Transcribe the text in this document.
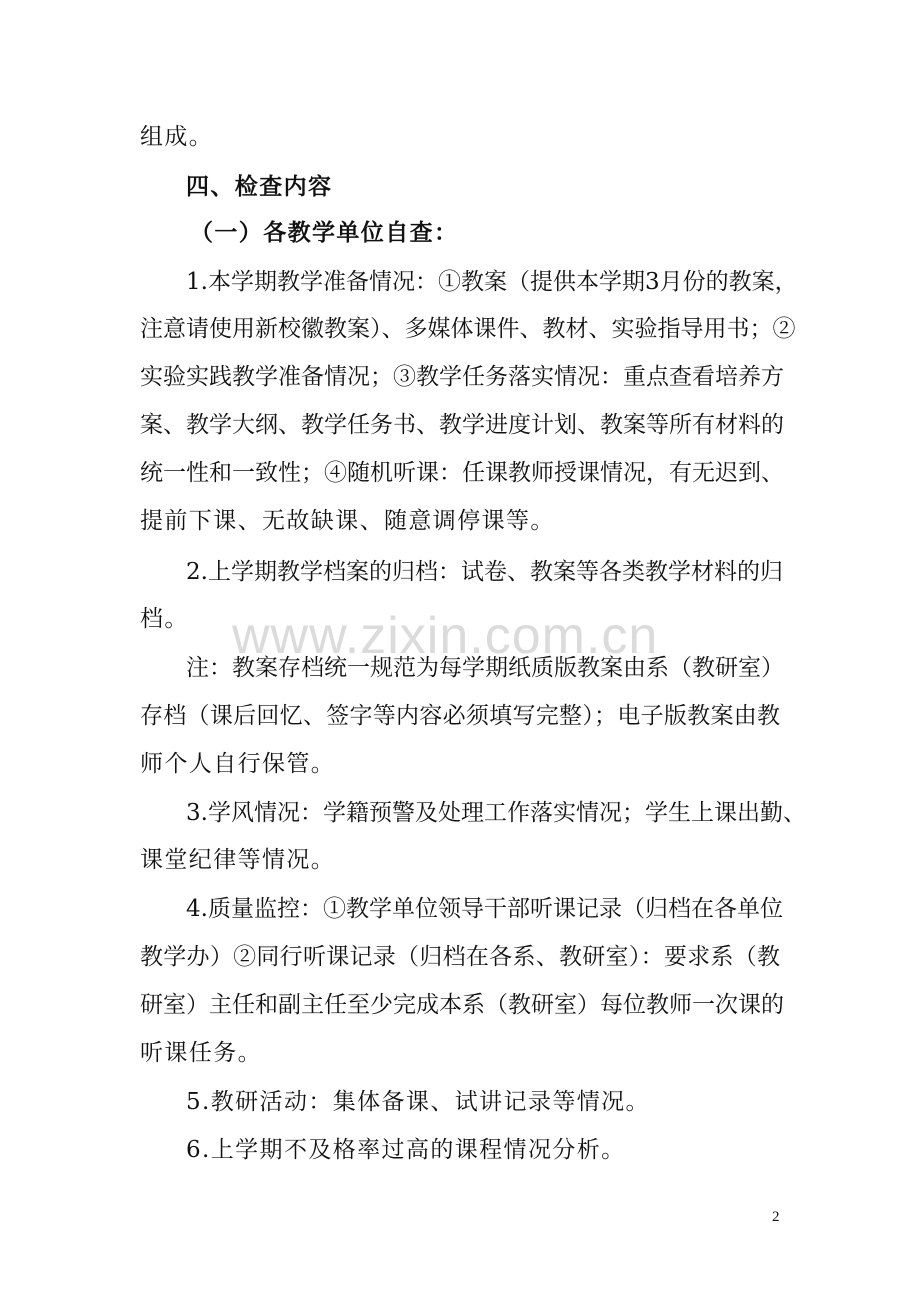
组成。
四、检查内容
（一）各教学单位自查：
1.本学期教学准备情况：①教案（提供本学期3月份的教案，
注意请使用新校徽教案）、多媒体课件、教材、实验指导用书；②
实验实践教学准备情况；③教学任务落实情况：重点查看培养方
案、教学大纲、教学任务书、教学进度计划、教案等所有材料的
统一性和一致性；④随机听课：任课教师授课情况，有无迟到、
提前下课、无故缺课、随意调停课等。
2.上学期教学档案的归档：试卷、教案等各类教学材料的归
档。
注：教案存档统一规范为每学期纸质版教案由系（教研室）
存档（课后回忆、签字等内容必须填写完整）；电子版教案由教
师个人自行保管。
3.学风情况：学籍预警及处理工作落实情况；学生上课出勤、
课堂纪律等情况。
4.质量监控：①教学单位领导干部听课记录（归档在各单位
教学办）②同行听课记录（归档在各系、教研室）：要求系（教
研室）主任和副主任至少完成本系（教研室）每位教师一次课的
听课任务。
5.教研活动：集体备课、试讲记录等情况。
6.上学期不及格率过高的课程情况分析。
www.zixin.com.cn
2
